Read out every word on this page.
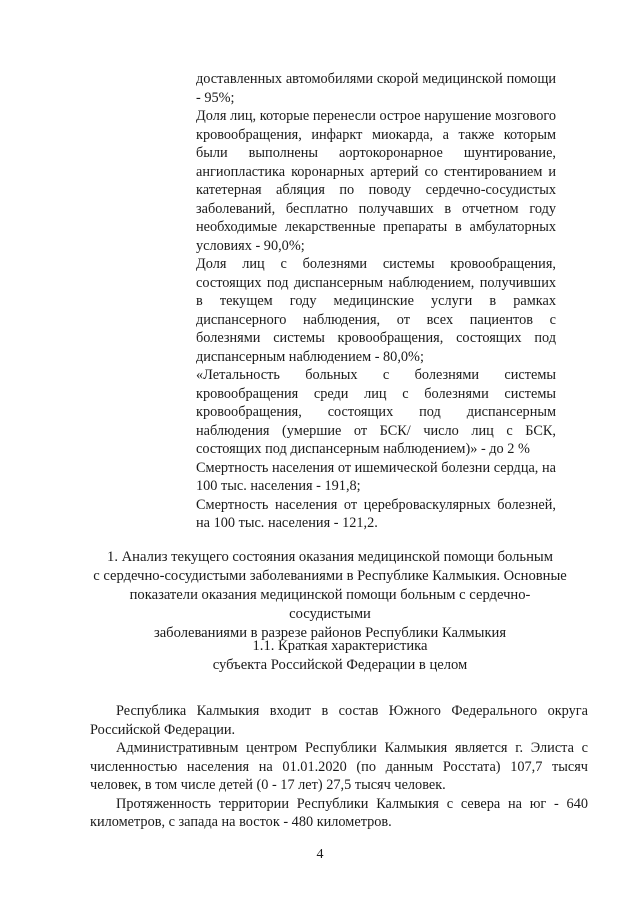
доставленных автомобилями скорой медицинской помощи - 95%;

Доля лиц, которые перенесли острое нарушение мозгового кровообращения, инфаркт миокарда, а также которым были выполнены аортокоронарное шунтирование, ангиопластика коронарных артерий со стентированием и катетерная абляция по поводу сердечно-сосудистых заболеваний, бесплатно получавших в отчетном году необходимые лекарственные препараты в амбулаторных условиях - 90,0%;

Доля лиц с болезнями системы кровообращения, состоящих под диспансерным наблюдением, получивших в текущем году медицинские услуги в рамках диспансерного наблюдения, от всех пациентов с болезнями системы кровообращения, состоящих под диспансерным наблюдением - 80,0%;

«Летальность больных с болезнями системы кровообращения среди лиц с болезнями системы кровообращения, состоящих под диспансерным наблюдения (умершие от БСК/ число лиц с БСК, состоящих под диспансерным наблюдением)» - до 2 %

Смертность населения от ишемической болезни сердца, на 100 тыс. населения - 191,8;

Смертность населения от цереброваскулярных болезней, на 100 тыс. населения - 121,2.

1. Анализ текущего состояния оказания медицинской помощи больным

с сердечно-сосудистыми заболеваниями в Республике Калмыкия. Основные

показатели оказания медицинской помощи больным с сердечно-сосудистыми

заболеваниями в разрезе районов Республики Калмыкия

1.1. Краткая характеристика

субъекта Российской Федерации в целом

Республика Калмыкия входит в состав Южного Федерального округа Российской Федерации.

Административным центром Республики Калмыкия является г. Элиста с численностью населения на 01.01.2020 (по данным Росстата) 107,7 тысяч человек, в том числе детей (0 - 17 лет) 27,5 тысяч человек.

Протяженность территории Республики Калмыкия с севера на юг - 640 километров, с запада на восток - 480 километров.

4
